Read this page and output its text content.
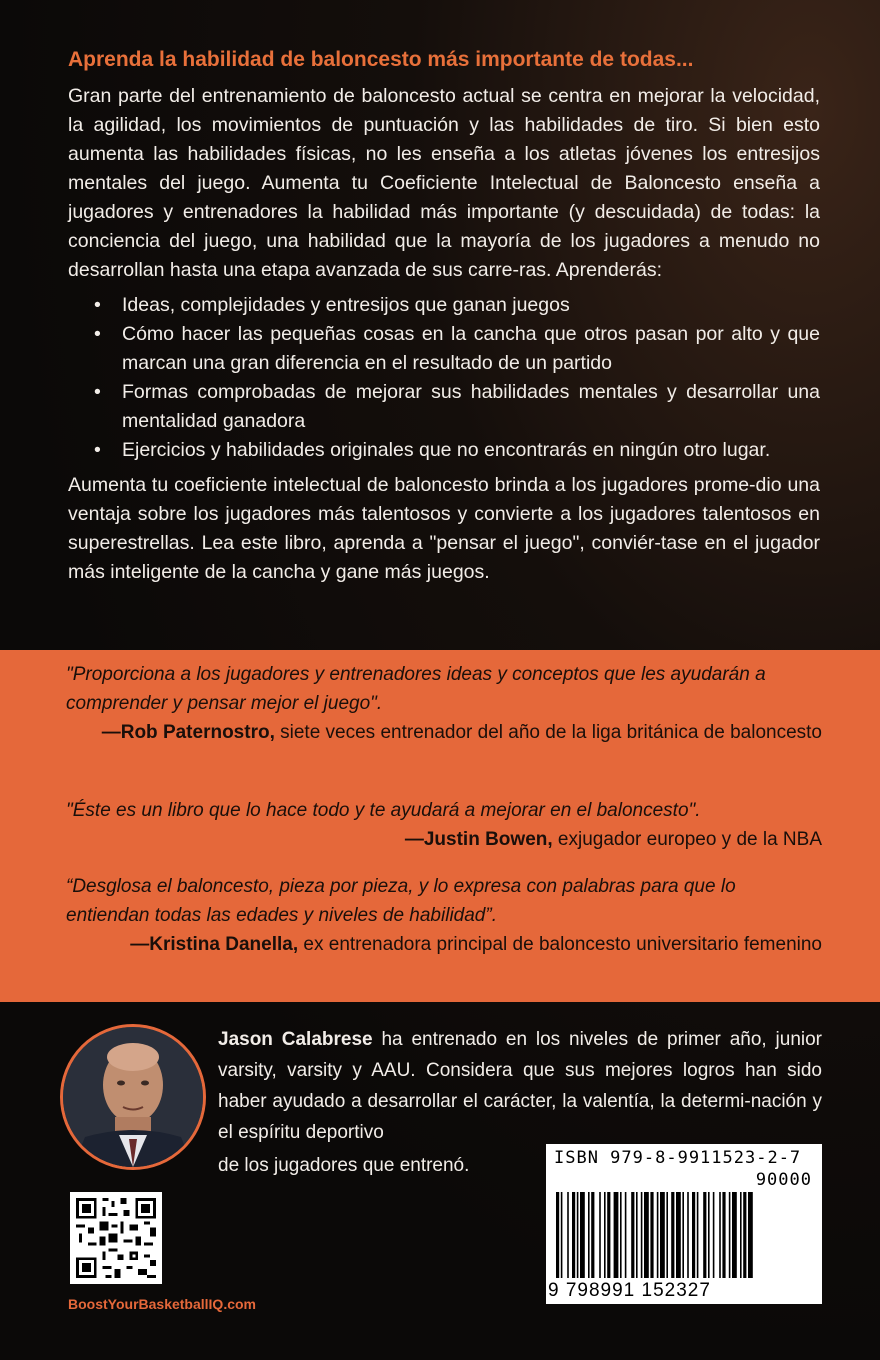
Aprenda la habilidad de baloncesto más importante de todas...

Gran parte del entrenamiento de baloncesto actual se centra en mejorar la velocidad, la agilidad, los movimientos de puntuación y las habilidades de tiro. Si bien esto aumenta las habilidades físicas, no les enseña a los atletas jóvenes los entresijos mentales del juego. Aumenta tu Coeficiente Intelectual de Baloncesto enseña a jugadores y entrenadores la habilidad más importante (y descuidada) de todas: la conciencia del juego, una habilidad que la mayoría de los jugadores a menudo no desarrollan hasta una etapa avanzada de sus carre-ras. Aprenderás:

• Ideas, complejidades y entresijos que ganan juegos
• Cómo hacer las pequeñas cosas en la cancha que otros pasan por alto y que marcan una gran diferencia en el resultado de un partido
• Formas comprobadas de mejorar sus habilidades mentales y desarrollar una mentalidad ganadora
• Ejercicios y habilidades originales que no encontrarás en ningún otro lugar.

Aumenta tu coeficiente intelectual de baloncesto brinda a los jugadores prome-dio una ventaja sobre los jugadores más talentosos y convierte a los jugadores talentosos en superestrellas. Lea este libro, aprenda a "pensar el juego", conviér-tase en el jugador más inteligente de la cancha y gane más juegos.

"Proporciona a los jugadores y entrenadores ideas y conceptos que les ayudarán a comprender y pensar mejor el juego".

—Rob Paternostro, siete veces entrenador del año de la liga británica de baloncesto

"Éste es un libro que lo hace todo y te ayudará a mejorar en el baloncesto".

—Justin Bowen, exjugador europeo y de la NBA

“Desglosa el baloncesto, pieza por pieza, y lo expresa con palabras para que lo entiendan todas las edades y niveles de habilidad”.

—Kristina Danella, ex entrenadora principal de baloncesto universitario femenino

Jason Calabrese ha entrenado en los niveles de primer año, junior varsity, varsity y AAU. Considera que sus mejores logros han sido haber ayudado a desarrollar el carácter, la valentía, la determi-nación y el espíritu deportivo

de los jugadores que entrenó.

BoostYourBasketballIQ.com
ISBN 979-8-9911523-2-7
90000
9 798991 152327
